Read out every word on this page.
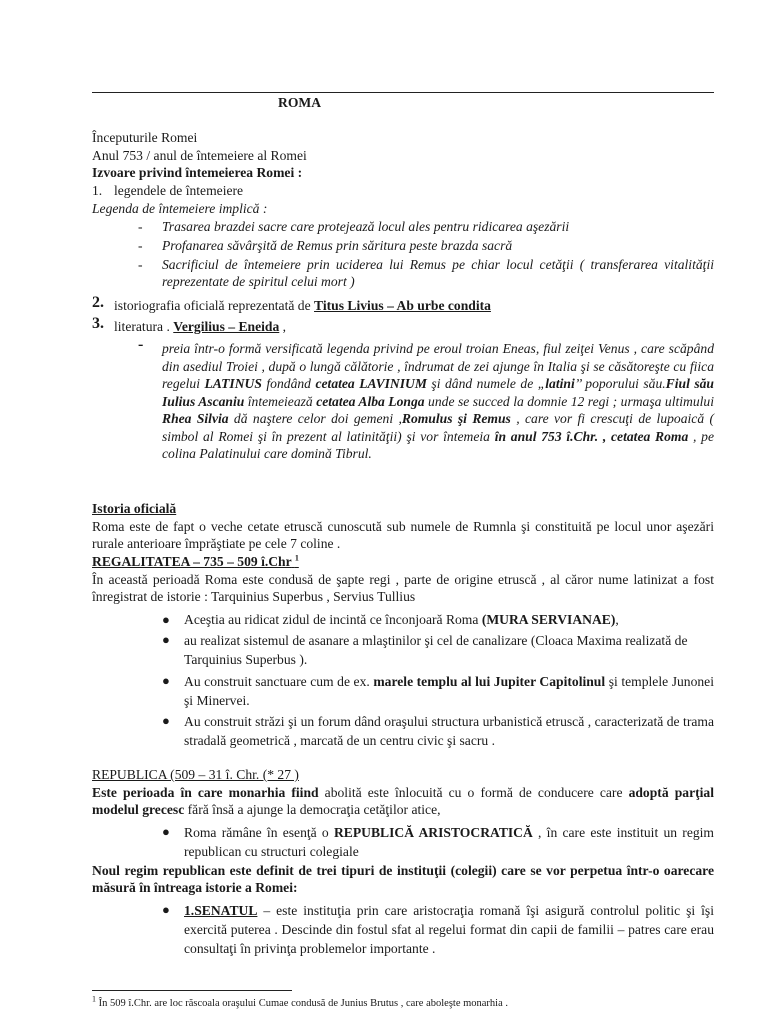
ROMA
Începuturile Romei
Anul 753 / anul de întemeiere al Romei
Izvoare privind întemeierea Romei :
1. legendele de întemeiere
Legenda de întemeiere implică :
-	Trasarea brazdei sacre care protejează locul ales pentru ridicarea aşezării
-	Profanarea săvârşită de Remus prin săritura peste brazda sacră
-	Sacrificiul de întemeiere prin uciderea lui Remus pe chiar locul cetăţii ( transferarea vitalităţii reprezentate de spiritul celui mort )
2. istoriografia oficială reprezentată de Titus Livius – Ab urbe condita
3. literatura . Vergilius – Eneida ,
- preia într-o formă versificată legenda privind pe eroul troian Eneas, fiul zeiţei Venus , care scăpând din asediul Troiei , după o lungă călătorie , îndrumat de zei ajunge în Italia şi se căsătoreşte cu fiica regelui LATINUS fondând cetatea LAVINIUM şi dând numele de „latini’’ poporului său.Fiul său Iulius Ascaniu întemeiează cetatea Alba Longa unde se succed la domnie 12 regi ; urmaşa ultimului Rhea Silvia dă naştere celor doi gemeni ,Romulus şi Remus , care vor fi crescuţi de lupoaică ( simbol al Romei şi în prezent al latinităţii) şi vor întemeia în anul 753 î.Chr. , cetatea Roma , pe colina Palatinului care domină Tibrul.
Istoria oficială
Roma este de fapt o veche cetate etruscă cunoscută sub numele de Rumnla şi constituită pe locul unor aşezări rurale anterioare împrăştiate pe cele 7 coline .
REGALITATEA – 735 – 509 î.Chr $^1$
În această perioadă Roma este condusă de şapte regi , parte de origine etruscă , al căror nume latinizat a fost înregistrat de istorie : Tarquinius Superbus , Servius Tullius
● Aceştia au ridicat zidul de incintă ce înconjoară Roma (MURA SERVIANAE),
● au realizat sistemul de asanare a mlaştinilor şi cel de canalizare (Cloaca Maxima realizată de Tarquinius Superbus ).
● Au construit sanctuare cum de ex. marele templu al lui Jupiter Capitolinul şi templele Junonei şi Minervei.
● Au construit străzi şi un forum dând oraşului structura urbanistică etruscă , caracterizată de trama stradală geometrică , marcată de un centru civic şi sacru .
REPUBLICA (509 – 31 î. Chr. (* 27 )
Este perioada în care monarhia fiind abolită este înlocuită cu o formă de conducere care adoptă parţial modelul grecesc fără însă a ajunge la democraţia cetăţilor atice,
● Roma rămâne în esenţă o REPUBLICĂ ARISTOCRATICĂ , în care este instituit un regim republican cu structuri colegiale
Noul regim republican este definit de trei tipuri de instituţii (colegii) care se vor perpetua într-o oarecare măsură în întreaga istorie a Romei:
● 1.SENATUL – este instituţia prin care aristocraţia romană îşi asigură controlul politic şi îşi exercită puterea . Descinde din fostul sfat al regelui format din capii de familii – patres care erau consultaţi în privinţa problemelor importante .
$^1$ În 509 î.Chr. are loc răscoala oraşului Cumae condusă de Junius Brutus , care aboleşte monarhia .
